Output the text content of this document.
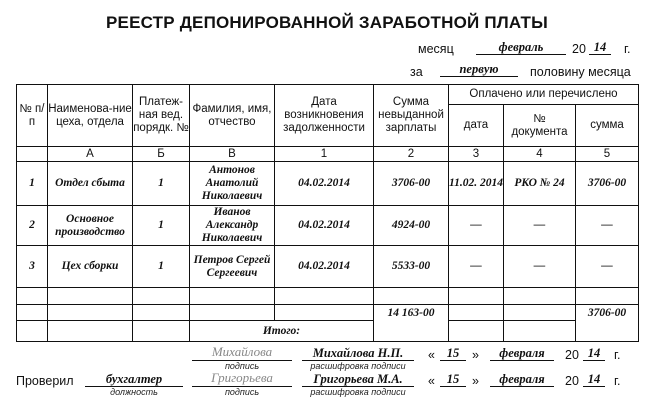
РЕЕСТР ДЕПОНИРОВАННОЙ ЗАРАБОТНОЙ ПЛАТЫ
месяц	февраль	20 14	г.
за	первую	половину месяца
№ п/п	Наименова-ние цеха, отдела	Платеж-ная вед. порядк. №	Фамилия, имя, отчество	Дата возникновения задолженности	Сумма невыданной зарплаты	Оплачено или перечислено		
						дата	№ документа	сумма
	А	Б	В	1	2	3	4	5
1	Отдел сбыта	1	Антонов Анатолий Николаевич	04.02.2014	3706-00	11.02. 2014	РКО № 24	3706-00
2	Основное производство	1	Иванов Александр Николаевич	04.02.2014	4924-00	—	—	—
3	Цех сборки	1	Петров Сергей Сергеевич	04.02.2014	5533-00	—	—	—

					14 163-00			3706-00
			Итого:					
Михайлова
подпись
Михайлова Н.П.
расшифровка подписи
« 15	»	февраля	20 14	г.
Проверил	бухгалтер
должность
Григорьева
подпись
Григорьева М.А.
расшифровка подписи
« 15	»	февраля	20 14	г.
